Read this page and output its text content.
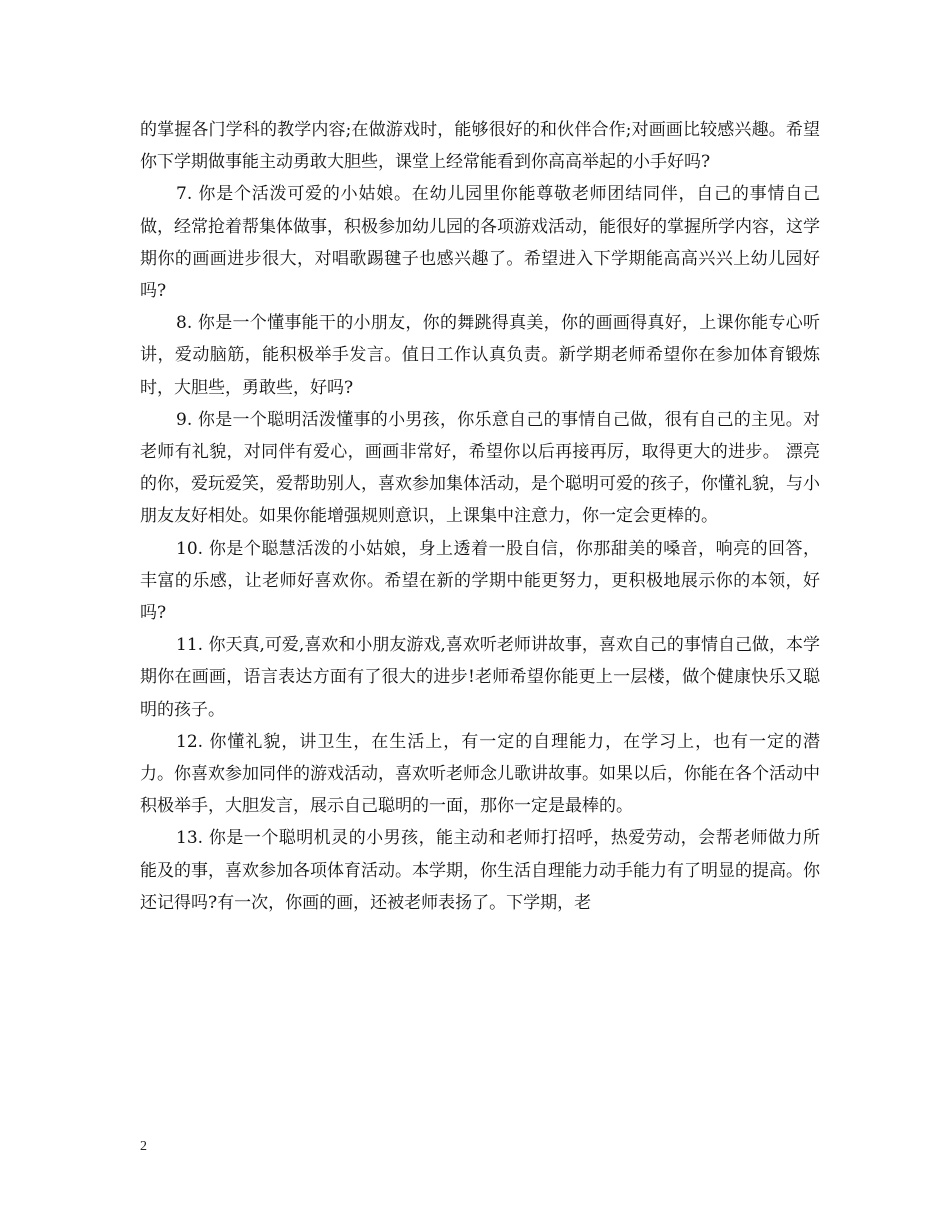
的掌握各门学科的教学内容;在做游戏时，能够很好的和伙伴合作;对画画比较感兴趣。希望你下学期做事能主动勇敢大胆些，课堂上经常能看到你高高举起的小手好吗?

7. 你是个活泼可爱的小姑娘。在幼儿园里你能尊敬老师团结同伴，自己的事情自己做，经常抢着帮集体做事，积极参加幼儿园的各项游戏活动，能很好的掌握所学内容，这学期你的画画进步很大，对唱歌踢毽子也感兴趣了。希望进入下学期能高高兴兴上幼儿园好吗?

8. 你是一个懂事能干的小朋友，你的舞跳得真美，你的画画得真好，上课你能专心听讲，爱动脑筋，能积极举手发言。值日工作认真负责。新学期老师希望你在参加体育锻炼时，大胆些，勇敢些，好吗?

9. 你是一个聪明活泼懂事的小男孩，你乐意自己的事情自己做，很有自己的主见。对老师有礼貌，对同伴有爱心，画画非常好，希望你以后再接再厉，取得更大的进步。 漂亮的你，爱玩爱笑，爱帮助别人，喜欢参加集体活动，是个聪明可爱的孩子，你懂礼貌，与小朋友友好相处。如果你能增强规则意识，上课集中注意力，你一定会更棒的。

10. 你是个聪慧活泼的小姑娘，身上透着一股自信，你那甜美的嗓音，响亮的回答，丰富的乐感，让老师好喜欢你。希望在新的学期中能更努力，更积极地展示你的本领，好吗?

11. 你天真,可爱,喜欢和小朋友游戏,喜欢听老师讲故事，喜欢自己的事情自己做，本学期你在画画，语言表达方面有了很大的进步!老师希望你能更上一层楼，做个健康快乐又聪明的孩子。

12. 你懂礼貌，讲卫生，在生活上，有一定的自理能力，在学习上，也有一定的潜力。你喜欢参加同伴的游戏活动，喜欢听老师念儿歌讲故事。如果以后，你能在各个活动中积极举手，大胆发言，展示自己聪明的一面，那你一定是最棒的。

13. 你是一个聪明机灵的小男孩，能主动和老师打招呼，热爱劳动，会帮老师做力所能及的事，喜欢参加各项体育活动。本学期，你生活自理能力动手能力有了明显的提高。你还记得吗?有一次，你画的画，还被老师表扬了。下学期，老

2
